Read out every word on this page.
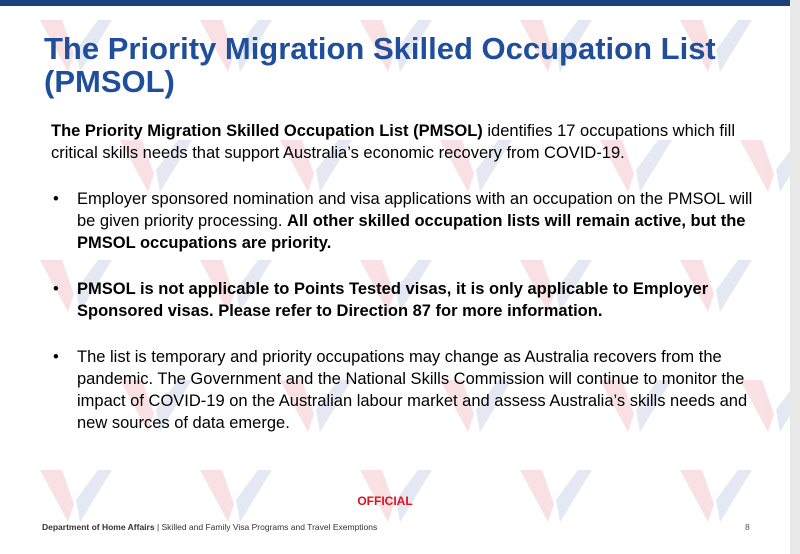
The Priority Migration Skilled Occupation List (PMSOL)

The Priority Migration Skilled Occupation List (PMSOL) identifies 17 occupations which fill critical skills needs that support Australia’s economic recovery from COVID-19.

• Employer sponsored nomination and visa applications with an occupation on the PMSOL will be given priority processing. All other skilled occupation lists will remain active, but the PMSOL occupations are priority.
• PMSOL is not applicable to Points Tested visas, it is only applicable to Employer Sponsored visas. Please refer to Direction 87 for more information.
• The list is temporary and priority occupations may change as Australia recovers from the pandemic. The Government and the National Skills Commission will continue to monitor the impact of COVID-19 on the Australian labour market and assess Australia’s skills needs and new sources of data emerge.
OFFICIAL
Department of Home Affairs | Skilled and Family Visa Programs and Travel Exemptions	8
